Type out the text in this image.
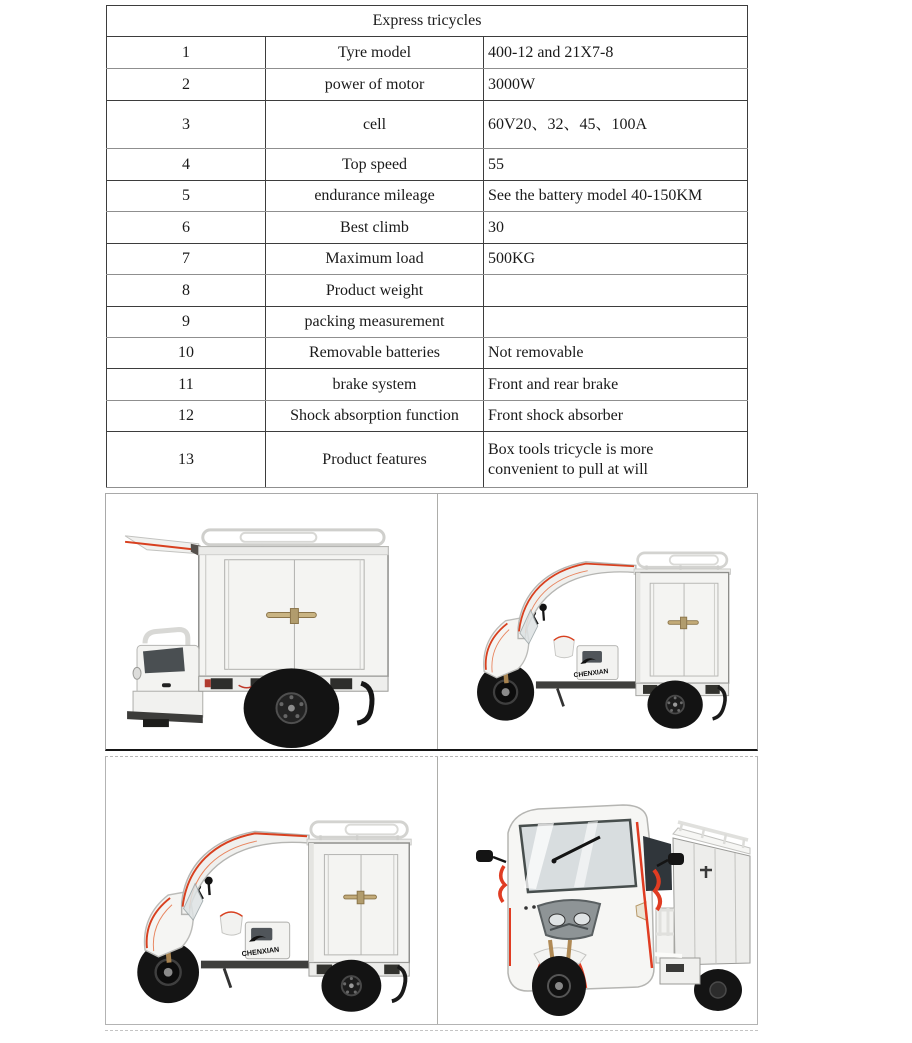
Express tricycles		
1	Tyre model	400-12 and 21X7-8
2	power of motor	3000W
3	cell	60V20、32、45、100A
4	Top speed	55
5	endurance mileage	See the battery model 40-150KM
6	Best climb	30
7	Maximum load	500KG
8	Product weight	
9	packing measurement	
10	Removable batteries	Not removable
11	brake system	Front and rear brake
12	Shock absorption function	Front shock absorber
13	Product features	Box tools tricycle is more convenient to pull at will
